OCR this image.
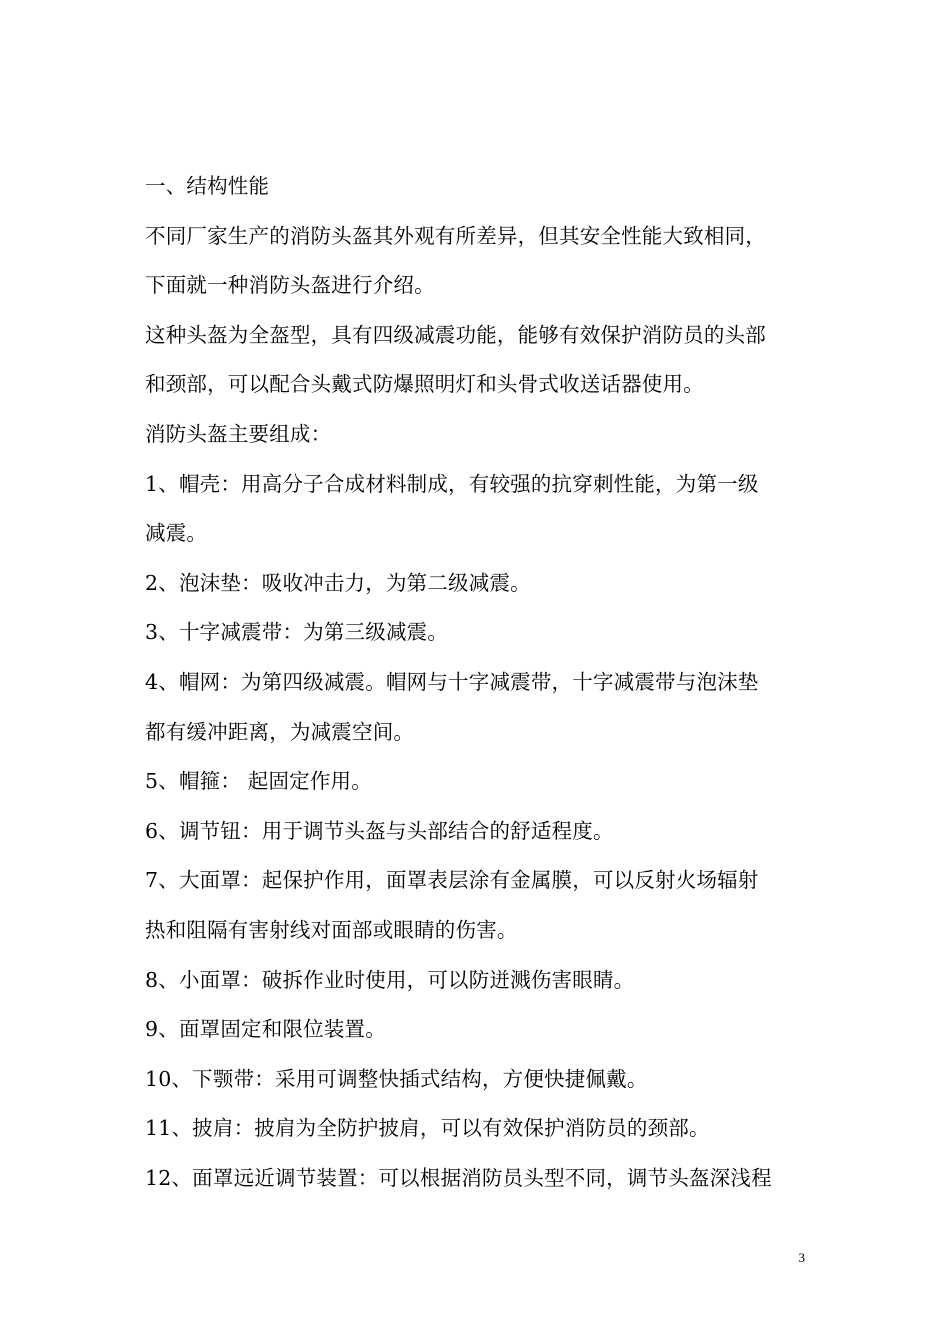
一、结构性能
不同厂家生产的消防头盔其外观有所差异，但其安全性能大致相同，
下面就一种消防头盔进行介绍。
这种头盔为全盔型，具有四级减震功能，能够有效保护消防员的头部
和颈部，可以配合头戴式防爆照明灯和头骨式收送话器使用。
消防头盔主要组成：
1、帽壳：用高分子合成材料制成，有较强的抗穿刺性能，为第一级
减震。
2、泡沫垫：吸收冲击力，为第二级减震。
3、十字减震带：为第三级减震。
4、帽网：为第四级减震。帽网与十字减震带，十字减震带与泡沫垫
都有缓冲距离，为减震空间。
5、帽箍： 起固定作用。
6、调节钮：用于调节头盔与头部结合的舒适程度。
7、大面罩：起保护作用，面罩表层涂有金属膜，可以反射火场辐射
热和阻隔有害射线对面部或眼睛的伤害。
8、小面罩：破拆作业时使用，可以防迸溅伤害眼睛。
9、面罩固定和限位装置。
10、下颚带：采用可调整快插式结构，方便快捷佩戴。
11、披肩：披肩为全防护披肩，可以有效保护消防员的颈部。
12、面罩远近调节装置：可以根据消防员头型不同，调节头盔深浅程
3
